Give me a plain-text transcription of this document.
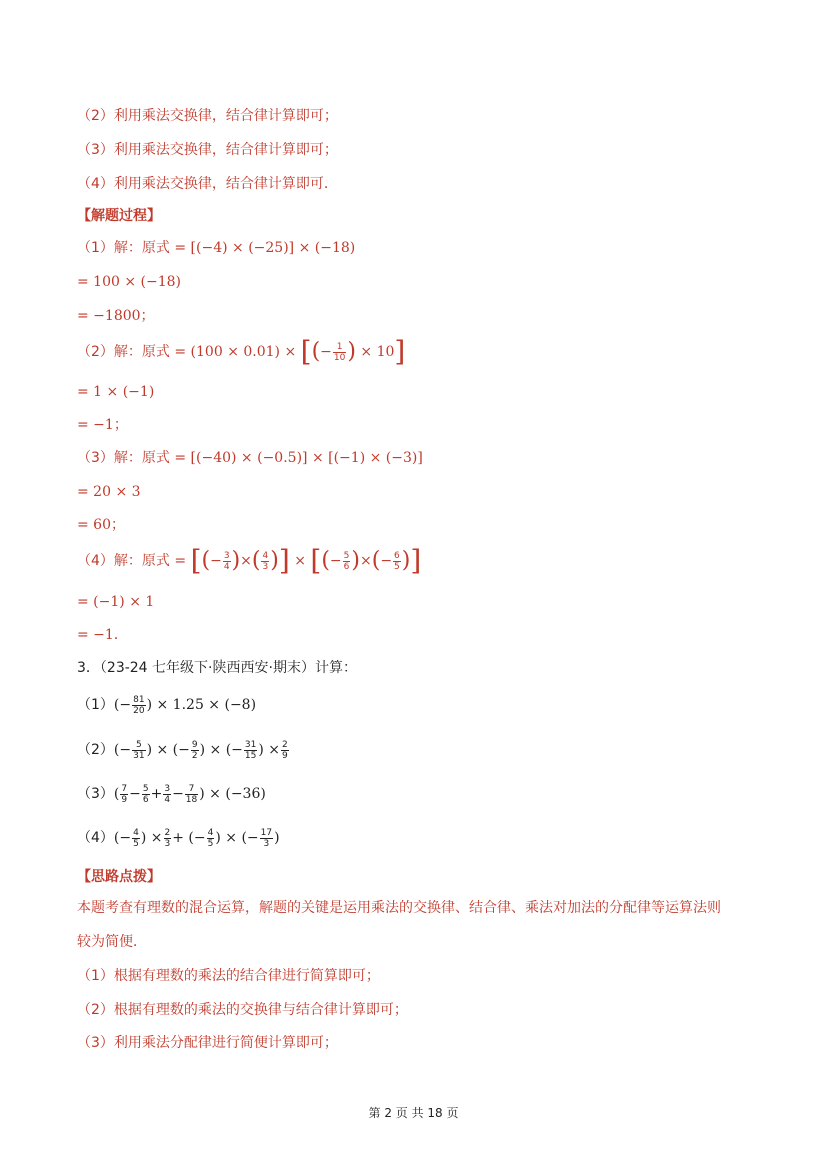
（2）利用乘法交换律，结合律计算即可；
（3）利用乘法交换律，结合律计算即可；
（4）利用乘法交换律，结合律计算即可．
【解题过程】
（1）解：原式 = [(−4) × (−25)] × (−18)
= 100 × (−18)
= −1800；
（2）解：原式 = (100 × 0.01) × [(− $\frac{1}{10}$ ) × 10]
= 1 × (−1)
= −1；
（3）解：原式 = [(−40) × (−0.5)] × [(−1) × (−3)]
= 20 × 3
= 60；
（4）解：原式 = [(− $\frac{3}{4}$ )×( $\frac{4}{3}$ )] × [(− $\frac{5}{6}$ )×(− $\frac{6}{5}$ )]
= (−1) × 1
= −1．
3．（23-24 七年级下·陕西西安·期末）计算：
$(1)(- \frac{81}{20}$ ) × 1.25 × (−8)
$(2)(- \frac{5}{31}$ ) × (− $\frac{9}{2}$ ) × (− $\frac{31}{15}$ ) × $\frac{2}{9}$
$(3)( \frac{7}{9} - \frac{5}{6} + \frac{3}{4} - \frac{7}{18}$ ) × (−36)
$(4)(- \frac{4}{5}$ ) × $\frac{2}{3}$ + (− $\frac{4}{5}$ ) × (− $\frac{17}{3}$ )
【思路点拨】
本题考查有理数的混合运算，解题的关键是运用乘法的交换律、结合律、乘法对加法的分配律等运算法则
较为简便．
（1）根据有理数的乘法的结合律进行简算即可；
（2）根据有理数的乘法的交换律与结合律计算即可；
（3）利用乘法分配律进行简便计算即可；
第 2 页 共 18 页
